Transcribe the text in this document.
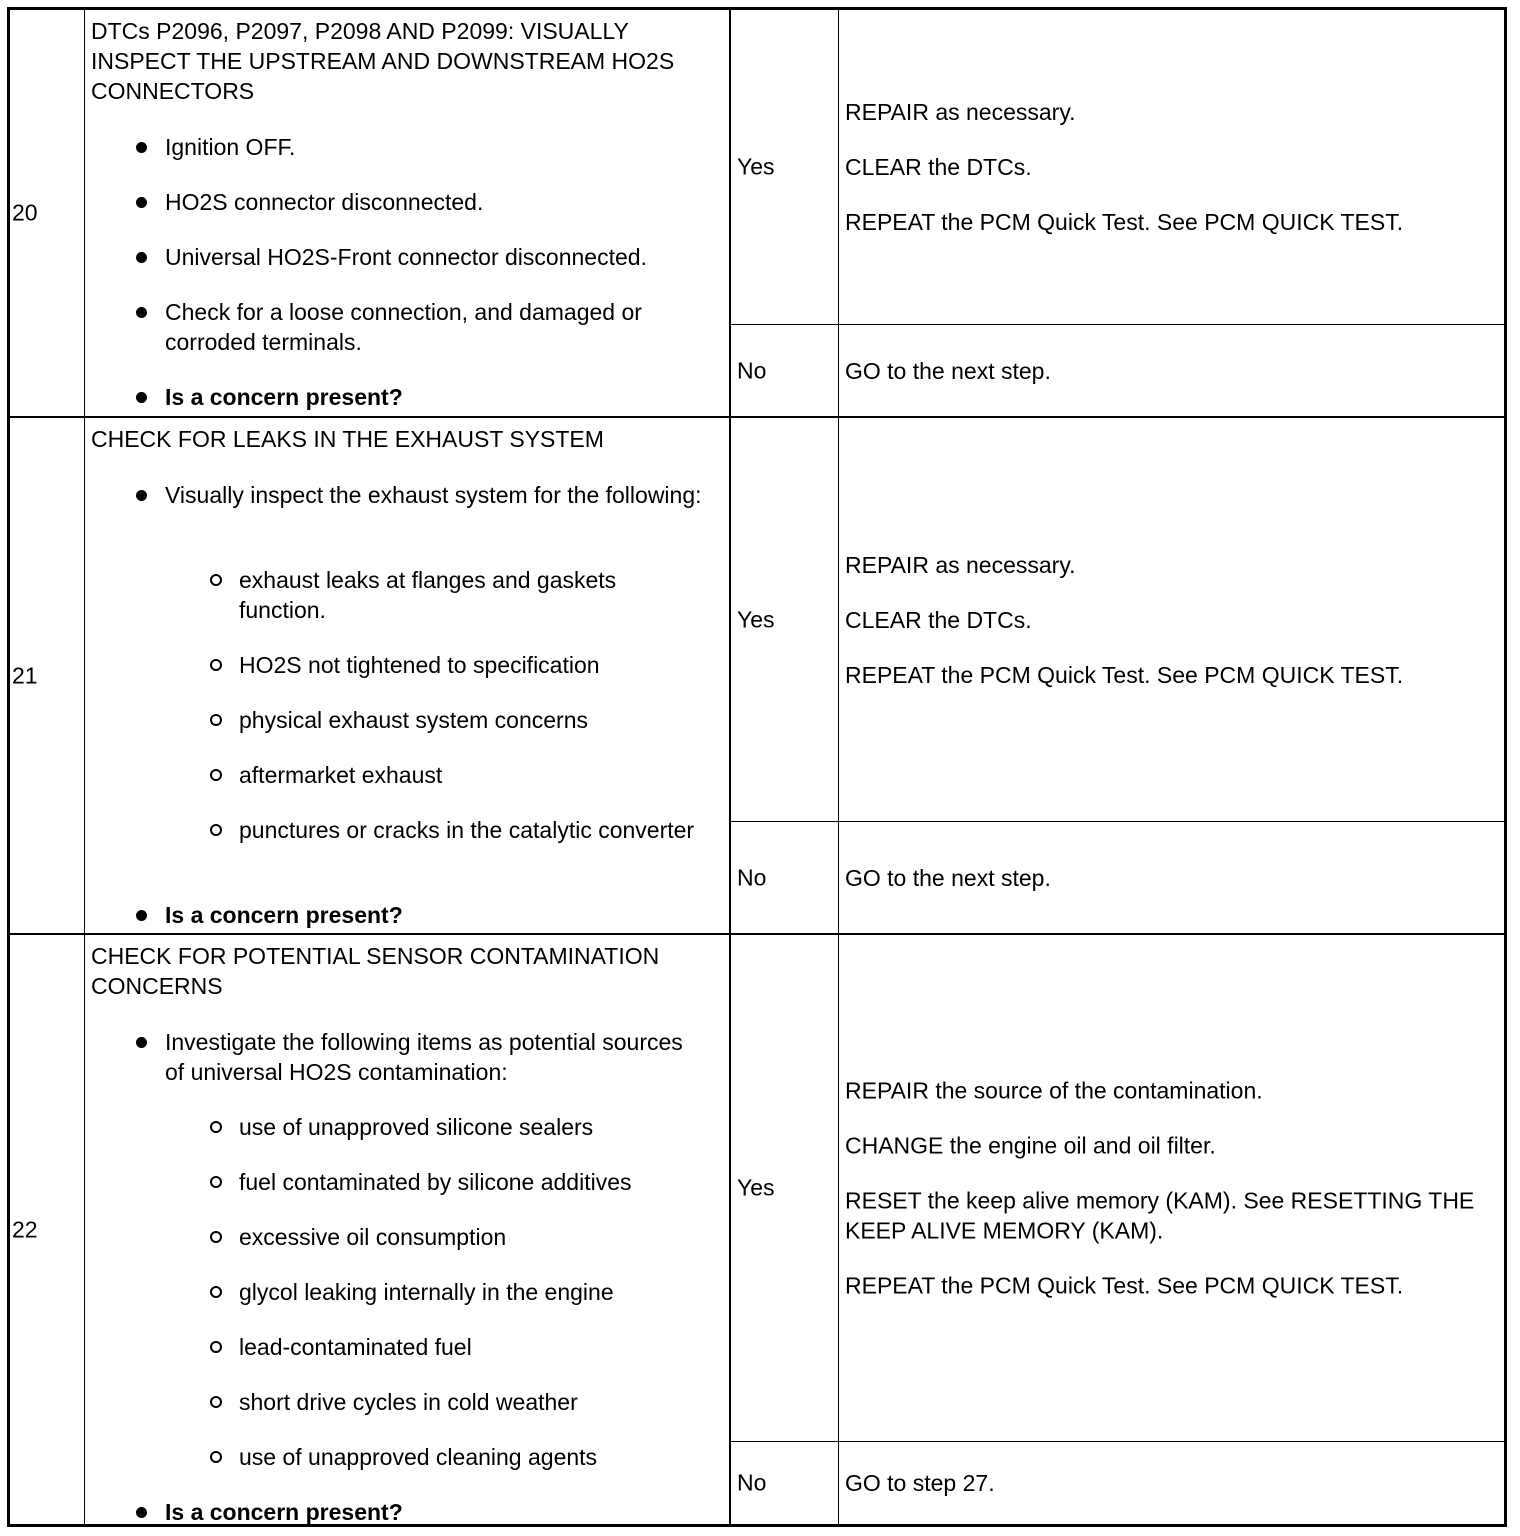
20
DTCs P2096, P2097, P2098 AND P2099: VISUALLY INSPECT THE UPSTREAM AND DOWNSTREAM HO2S CONNECTORS
Ignition OFF.
HO2S connector disconnected.
Universal HO2S-Front connector disconnected.
Check for a loose connection, and damaged or corroded terminals.
Is a concern present?
Yes

REPAIR as necessary.

CLEAR the DTCs.

REPEAT the PCM Quick Test. See PCM QUICK TEST.

No	GO to the next step.

21
CHECK FOR LEAKS IN THE EXHAUST SYSTEM
Visually inspect the exhaust system for the following:
exhaust leaks at flanges and gaskets function.
HO2S not tightened to specification
physical exhaust system concerns
aftermarket exhaust
punctures or cracks in the catalytic converter
Is a concern present?
Yes

REPAIR as necessary.

CLEAR the DTCs.

REPEAT the PCM Quick Test. See PCM QUICK TEST.

No	GO to the next step.

22
CHECK FOR POTENTIAL SENSOR CONTAMINATION CONCERNS
Investigate the following items as potential sources of universal HO2S contamination:
use of unapproved silicone sealers
fuel contaminated by silicone additives
excessive oil consumption
glycol leaking internally in the engine
lead-contaminated fuel
short drive cycles in cold weather
use of unapproved cleaning agents
Is a concern present?
Yes

REPAIR the source of the contamination.

CHANGE the engine oil and oil filter.

RESET the keep alive memory (KAM). See RESETTING THE KEEP ALIVE MEMORY (KAM).

REPEAT the PCM Quick Test. See PCM QUICK TEST.

No	GO to step 27.
